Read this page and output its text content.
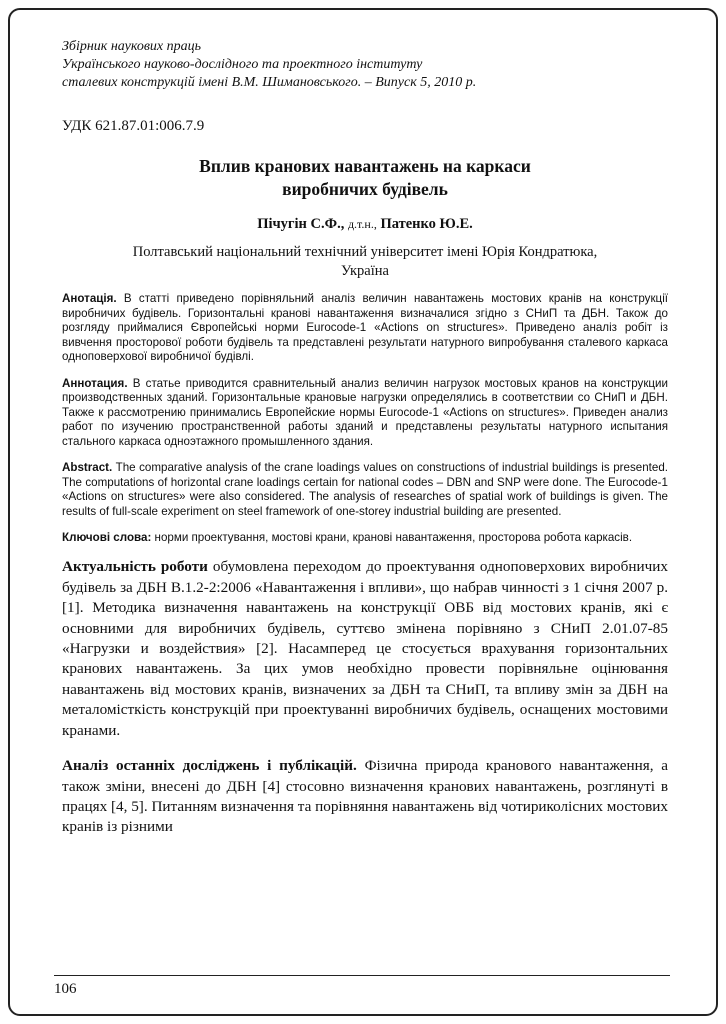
Збірник наукових праць
Українського науково-дослідного та проектного інституту
сталевих конструкцій імені В.М. Шимановського. – Випуск 5, 2010 р.
УДК 621.87.01:006.7.9
Вплив кранових навантажень на каркаси
виробничих будівель
Пічугін С.Ф., д.т.н., Патенко Ю.Е.
Полтавський національний технічний університет імені Юрія Кондратюка,
Україна

Анотація. В статті приведено порівняльний аналіз величин навантажень мостових кранів на конструкції виробничих будівель. Горизонтальні кранові навантаження визначалися згідно з СНиП та ДБН. Також до розгляду приймалися Європейські норми Eurocode-1 «Actions on structures». Приведено аналіз робіт із вивчення просторової роботи будівель та представлені результати натурного випробування сталевого каркаса одноповерхової виробничої будівлі.

Аннотация. В статье приводится сравнительный анализ величин нагрузок мостовых кранов на конструкции производственных зданий. Горизонтальные крановые нагрузки определялись в соответствии со СНиП и ДБН. Также к рассмотрению принимались Европейские нормы Eurocode-1 «Actions on structures». Приведен анализ работ по изучению пространственной работы зданий и представлены результаты натурного испытания стального каркаса одноэтажного промышленного здания.

Abstract. The comparative analysis of the crane loadings values on constructions of industrial buildings is presented. The computations of horizontal crane loadings certain for national codes – DBN and SNP were done. The Eurocode-1 «Actions on structures» were also considered. The analysis of researches of spatial work of buildings is given. The results of full-scale experiment on steel framework of one-storey industrial building are presented.

Ключові слова: норми проектування, мостові крани, кранові навантаження, просторова робота каркасів.

Актуальність роботи обумовлена переходом до проектування одноповерхових виробничих будівель за ДБН В.1.2-2:2006 «Навантаження і впливи», що набрав чинності з 1 січня 2007 р. [1]. Методика визначення навантажень на конструкції ОВБ від мостових кранів, які є основними для виробничих будівель, суттєво змінена порівняно з СНиП 2.01.07-85 «Нагрузки и воздействия» [2]. Насамперед це стосується врахування горизонтальних кранових навантажень. За цих умов необхідно провести порівняльне оцінювання навантажень від мостових кранів, визначених за ДБН та СНиП, та впливу змін за ДБН на металомісткість конструкцій при проектуванні виробничих будівель, оснащених мостовими кранами.

Аналіз останніх досліджень і публікацій. Фізична природа кранового навантаження, а також зміни, внесені до ДБН [4] стосовно визначення кранових навантажень, розглянуті в працях [4, 5]. Питанням визначення та порівняння навантажень від чотириколісних мостових кранів із різними

106
